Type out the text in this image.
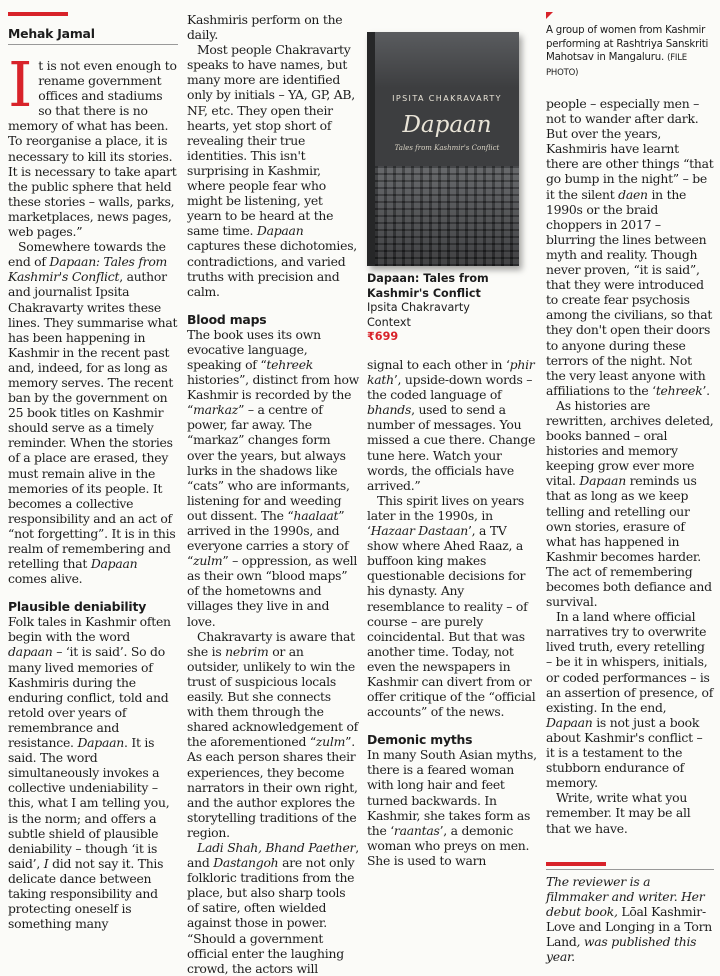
Mehak Jamal

It is not even enough to rename government offices and stadiums so that there is no memory of what has been. To reorganise a place, it is necessary to kill its stories. It is necessary to take apart the public sphere that held these stories – walls, parks, marketplaces, news pages, web pages.”

Somewhere towards the end of Dapaan: Tales from Kashmir's Conflict, author and journalist Ipsita Chakravarty writes these lines. They summarise what has been happening in Kashmir in the recent past and, indeed, for as long as memory serves. The recent ban by the government on 25 book titles on Kashmir should serve as a timely reminder. When the stories of a place are erased, they must remain alive in the memories of its people. It becomes a collective responsibility and an act of “not forgetting”. It is in this realm of remembering and retelling that Dapaan comes alive.

Plausible deniability

Folk tales in Kashmir often begin with the word dapaan – ‘it is said’. So do many lived memories of Kashmiris during the enduring conflict, told and retold over years of remembrance and resistance. Dapaan. It is said. The word simultaneously invokes a collective undeniability – this, what I am telling you, is the norm; and offers a subtle shield of plausible deniability – though ‘it is said’, I did not say it. This delicate dance between taking responsibility and protecting oneself is something many

Kashmiris perform on the daily.

Most people Chakravarty speaks to have names, but many more are identified only by initials – YA, GP, AB, NF, etc. They open their hearts, yet stop short of revealing their true identities. This isn't surprising in Kashmir, where people fear who might be listening, yet yearn to be heard at the same time. Dapaan captures these dichotomies, contradictions, and varied truths with precision and calm.

Blood maps

The book uses its own evocative language, speaking of “tehreek histories”, distinct from how Kashmir is recorded by the “markaz” – a centre of power, far away. The “markaz” changes form over the years, but always lurks in the shadows like “cats” who are informants, listening for and weeding out dissent. The “haalaat” arrived in the 1990s, and everyone carries a story of “zulm” – oppression, as well as their own “blood maps” of the hometowns and villages they live in and love.

Chakravarty is aware that she is nebrim or an outsider, unlikely to win the trust of suspicious locals easily. But she connects with them through the shared acknowledgement of the aforementioned “zulm”. As each person shares their experiences, they become narrators in their own right, and the author explores the storytelling traditions of the region.

Ladi Shah, Bhand Paether, and Dastangoh are not only folkloric traditions from the place, but also sharp tools of satire, often wielded against those in power. “Should a government official enter the laughing crowd, the actors will

IPSITA CHAKRAVARTY
Dapaan
Tales from Kashmir's Conflict
Dapaan: Tales from Kashmir's Conflict
Ipsita Chakravarty
Context
₹699

signal to each other in ‘phir kath’, upside-down words – the coded language of bhands, used to send a number of messages. You missed a cue there. Change tune here. Watch your words, the officials have arrived.”

This spirit lives on years later in the 1990s, in ‘Hazaar Dastaan’, a TV show where Ahed Raaz, a buffoon king makes questionable decisions for his dynasty. Any resemblance to reality – of course – are purely coincidental. But that was another time. Today, not even the newspapers in Kashmir can divert from or offer critique of the “official accounts” of the news.

Demonic myths

In many South Asian myths, there is a feared woman with long hair and feet turned backwards. In Kashmir, she takes form as the ‘raantas’, a demonic woman who preys on men. She is used to warn

A group of women from Kashmir performing at Rashtriya Sanskriti Mahotsav in Mangaluru. (FILE PHOTO)

people – especially men – not to wander after dark. But over the years, Kashmiris have learnt there are other things “that go bump in the night” – be it the silent daen in the 1990s or the braid choppers in 2017 – blurring the lines between myth and reality. Though never proven, “it is said”, that they were introduced to create fear psychosis among the civilians, so that they don't open their doors to anyone during these terrors of the night. Not the very least anyone with affiliations to the ‘tehreek’.

As histories are rewritten, archives deleted, books banned – oral histories and memory keeping grow ever more vital. Dapaan reminds us that as long as we keep telling and retelling our own stories, erasure of what has happened in Kashmir becomes harder. The act of remembering becomes both defiance and survival.

In a land where official narratives try to overwrite lived truth, every retelling – be it in whispers, initials, or coded performances – is an assertion of presence, of existing. In the end, Dapaan is not just a book about Kashmir's conflict – it is a testament to the stubborn endurance of memory.

Write, write what you remember. It may be all that we have.

The reviewer is a filmmaker and writer. Her debut book, Lōal Kashmir-Love and Longing in a Torn Land, was published this year.
